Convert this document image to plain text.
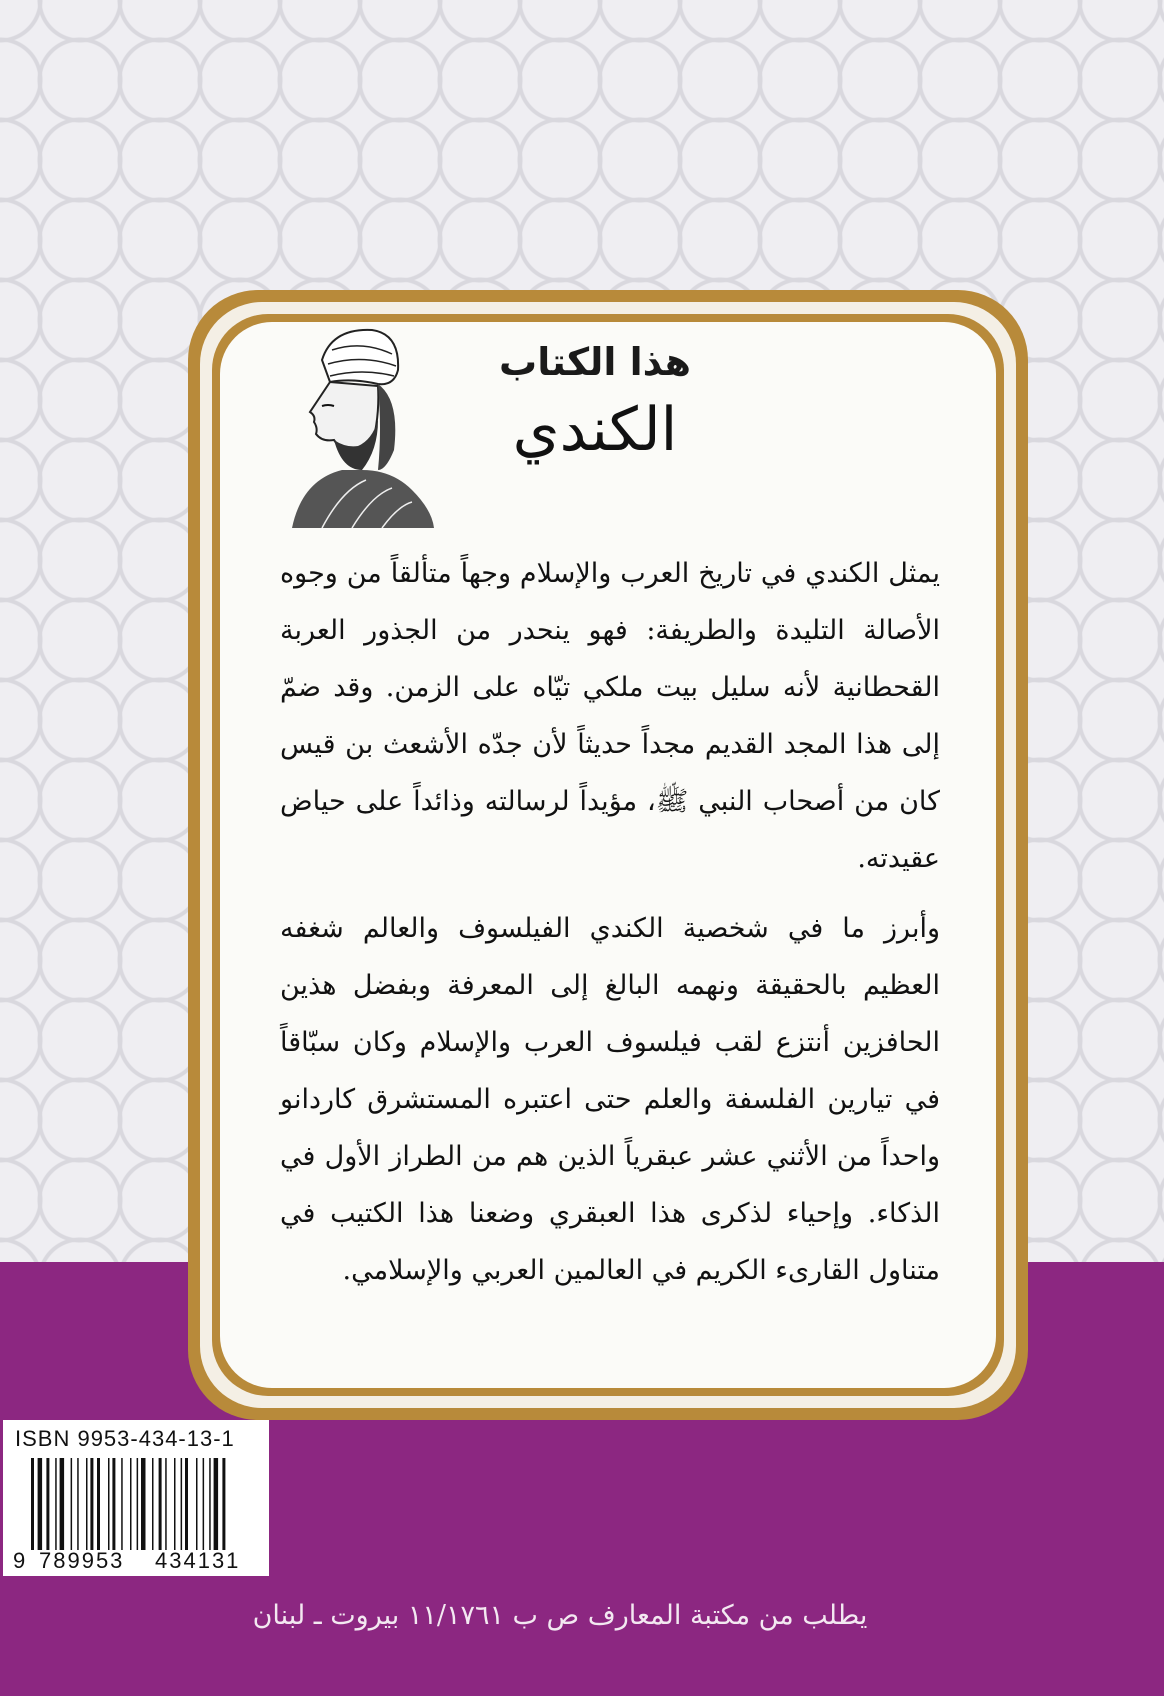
هذا الكتاب
الكندي

يمثل الكندي في تاريخ العرب والإسلام وجهاً متألقاً من وجوه الأصالة التليدة والطريفة: فهو ينحدر من الجذور العربة القحطانية لأنه سليل بيت ملكي تيّاه على الزمن. وقد ضمّ إلى هذا المجد القديم مجداً حديثاً لأن جدّه الأشعث بن قيس كان من أصحاب النبي ﷺ، مؤيداً لرسالته وذائداً على حياض عقيدته.

وأبرز ما في شخصية الكندي الفيلسوف والعالم شغفه العظيم بالحقيقة ونهمه البالغ إلى المعرفة وبفضل هذين الحافزين أنتزع لقب فيلسوف العرب والإسلام وكان سبّاقاً في تيارين الفلسفة والعلم حتى اعتبره المستشرق كاردانو واحداً من الأثني عشر عبقرياً الذين هم من الطراز الأول في الذكاء. وإحياء لذكرى هذا العبقري وضعنا هذا الكتيب في متناول القارىء الكريم في العالمين العربي والإسلامي.

ISBN 9953-434-13-1
9 789953 434131
يطلب من مكتبة المعارف ص ب ١١/١٧٦١ بيروت ـ لبنان
